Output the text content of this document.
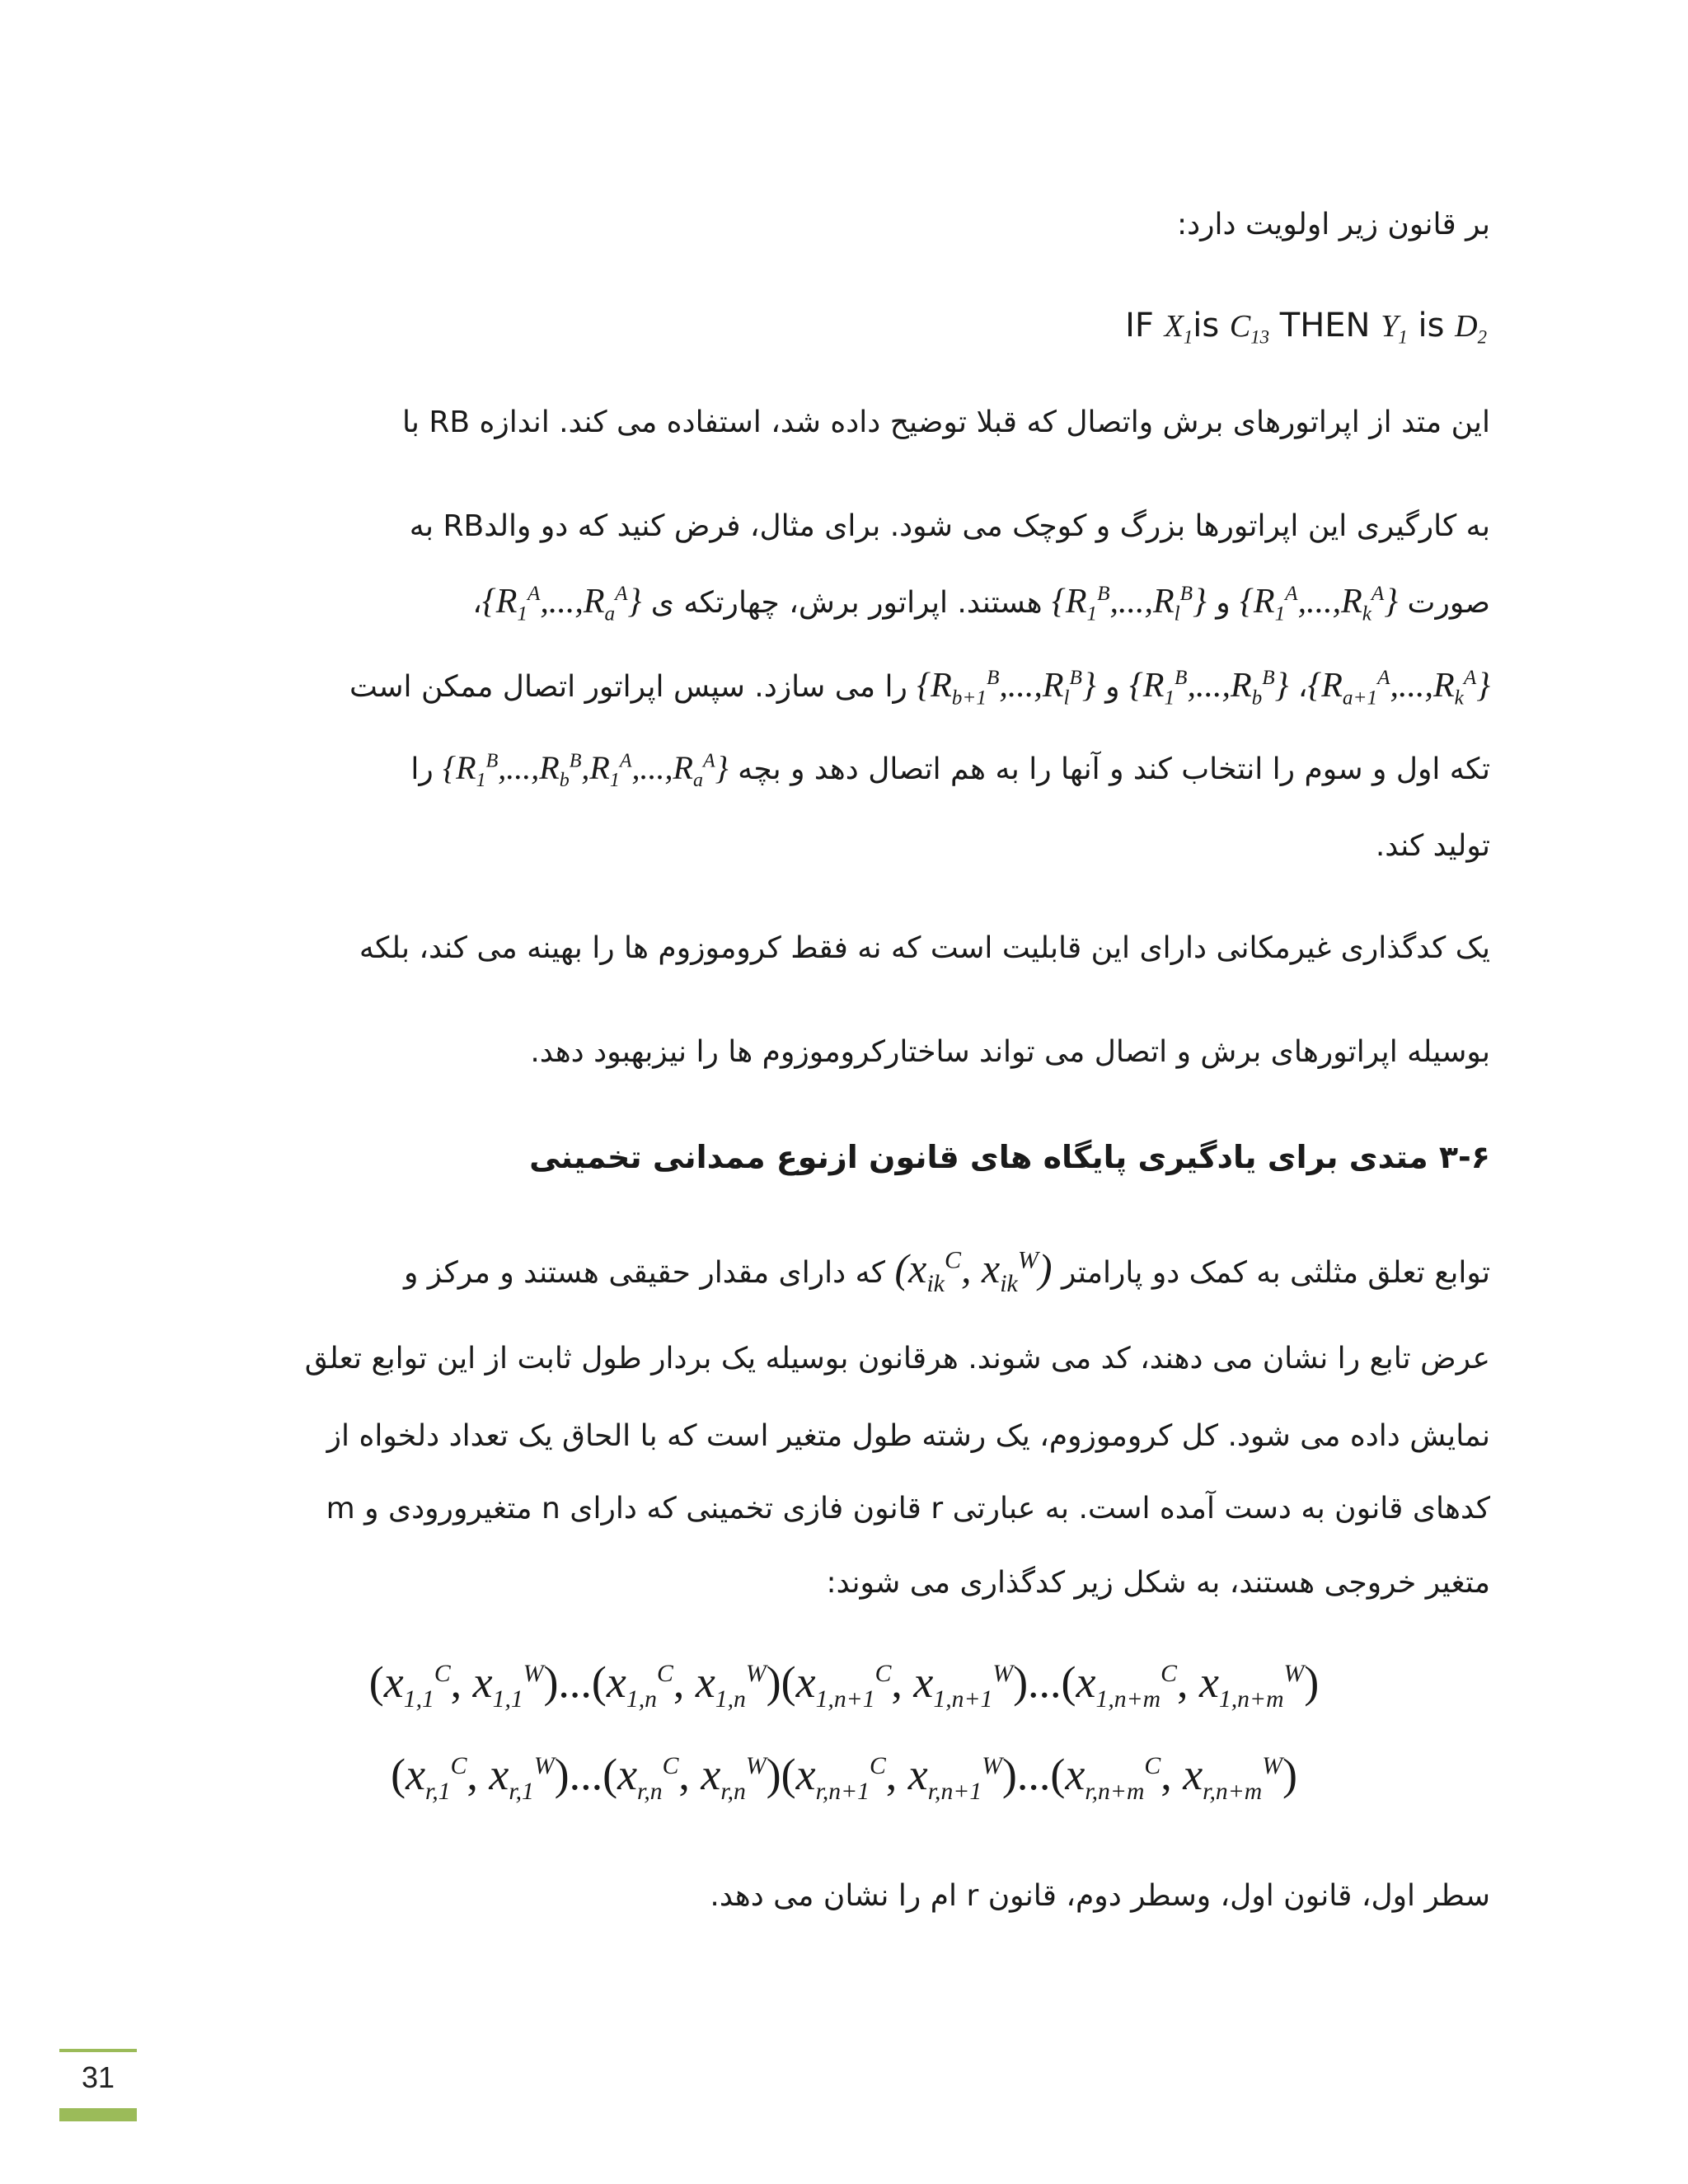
بر قانون زیر اولویت دارد:
IF $X_1is$ $C_{13}$ THEN $Y_1$ is $D_2$
این متد از اپراتورهای برش واتصال که قبلا توضیح داده شد، استفاده می کند. اندازه RB با
به کارگیری این اپراتورها بزرگ و کوچک می شود. برای مثال، فرض کنید که دو والدRB به
صورت $\{R_1^A,...,R_k^A\}$ و $\{R_1^B,...,R_l^B\}$ هستند. اپراتور برش، چهارتکه ی $\{R_1^A,...,R_a^A\}،$
$\{R_{a+1}^A,...,R_k^A\}،$ $\{R_1^B,...,R_b^B\}$ و $\{R_{b+1}^B,...,R_l^B\}$ را می سازد. سپس اپراتور اتصال ممکن است
تکه اول و سوم را انتخاب کند و آنها را به هم اتصال دهد و بچه $\{R_1^B,...,R_b^B,R_1^A,...,R_a^A\}$ را
تولید کند.
یک کدگذاری غیرمکانی دارای این قابلیت است که نه فقط کروموزوم ها را بهینه می کند، بلکه
بوسیله اپراتورهای برش و اتصال می تواند ساختارکروموزوم ها را نیزبهبود دهد.
۳-۶ متدی برای یادگیری پایگاه های قانون ازنوع ممدانی تخمینی
توابع تعلق مثلثی به کمک دو پارامتر ($x_{ik}^C$, $x_{ik}^W$) که دارای مقدار حقیقی هستند و مرکز و
عرض تابع را نشان می دهند، کد می شوند. هرقانون بوسیله یک بردار طول ثابت از این توابع تعلق
نمایش داده می شود. کل کروموزوم، یک رشته طول متغیر است که با الحاق یک تعداد دلخواه از
کدهای قانون به دست آمده است. به عبارتی r قانون فازی تخمینی که دارای n متغیرورودی و m
متغیر خروجی هستند، به شکل زیر کدگذاری می شوند:
($x_{1,1}^C$, $x_{1,1}^W)...(x_{1,n}^C$, $x_{1,n}^W)(x_{1,n+1}^C$, $x_{1,n+1}^W)...(x_{1,n+m}^C$, $x_{1,n+m}^W$)
($x_{r,1}^C$, $x_{r,1}^W)...(x_{r,n}^C$, $x_{r,n}^W)(x_{r,n+1}^C$, $x_{r,n+1}^W)...(x_{r,n+m}^C$, $x_{r,n+m}^W$)
سطر اول، قانون اول، وسطر دوم، قانون r ام را نشان می دهد.
31
